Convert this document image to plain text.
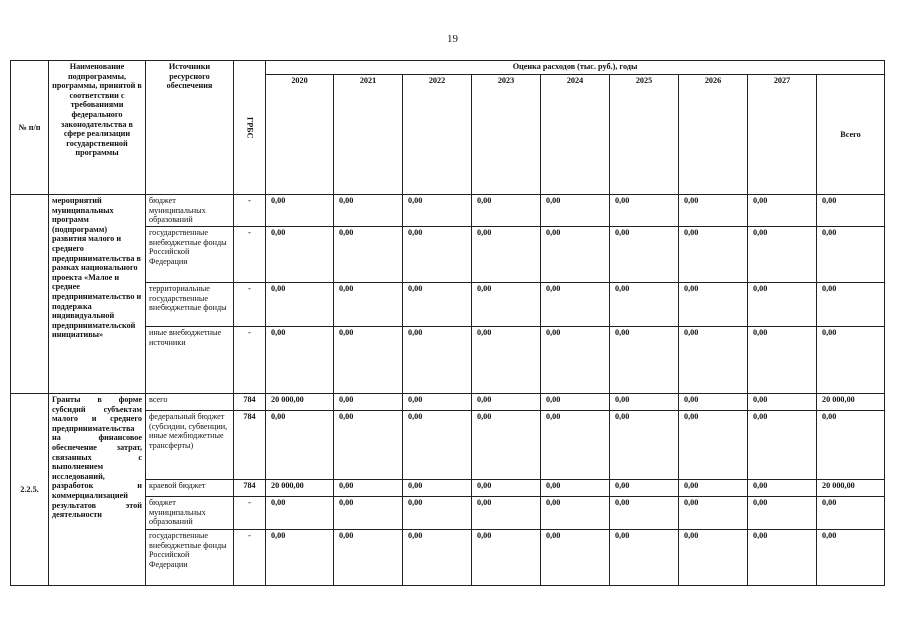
19
№ п/п	Наименование подпрограммы, программы, принятой в соответствии с требованиями федерального законодательства в сфере реализации государственной программы	Источники ресурсного обеспечения	ГРБС	Оценка расходов (тыс. руб.), годы								
				2020	2021	2022	2023	2024	2025	2026	2027	Всего
	мероприятий муниципальных программ (подпрограмм) развития малого и среднего предпринимательства в рамках национального проекта «Малое и среднее предпринимательство и поддержка индивидуальной предпринимательской инициативы»	бюджет муниципальных образований	-	0,00	0,00	0,00	0,00	0,00	0,00	0,00	0,00	0,00
		государственные внебюджетные фонды Российской Федерации	-	0,00	0,00	0,00	0,00	0,00	0,00	0,00	0,00	0,00
		территориальные государственные внебюджетные фонды	-	0,00	0,00	0,00	0,00	0,00	0,00	0,00	0,00	0,00
		иные внебюджетные источники	-	0,00	0,00	0,00	0,00	0,00	0,00	0,00	0,00	0,00
2.2.5.	Гранты в форме субсидий субъектам малого и среднего предпринимательства на финансовое обеспечение затрат, связанных с выполнением исследований, разработок и коммерциализацией результатов этой деятельности	всего	784	20 000,00	0,00	0,00	0,00	0,00	0,00	0,00	0,00	20 000,00
		федеральный бюджет (субсидии, субвенции, иные межбюджетные трансферты)	784	0,00	0,00	0,00	0,00	0,00	0,00	0,00	0,00	0,00
		краевой бюджет	784	20 000,00	0,00	0,00	0,00	0,00	0,00	0,00	0,00	20 000,00
		бюджет муниципальных образований	-	0,00	0,00	0,00	0,00	0,00	0,00	0,00	0,00	0,00
		государственные внебюджетные фонды Российской Федерации	-	0,00	0,00	0,00	0,00	0,00	0,00	0,00	0,00	0,00
